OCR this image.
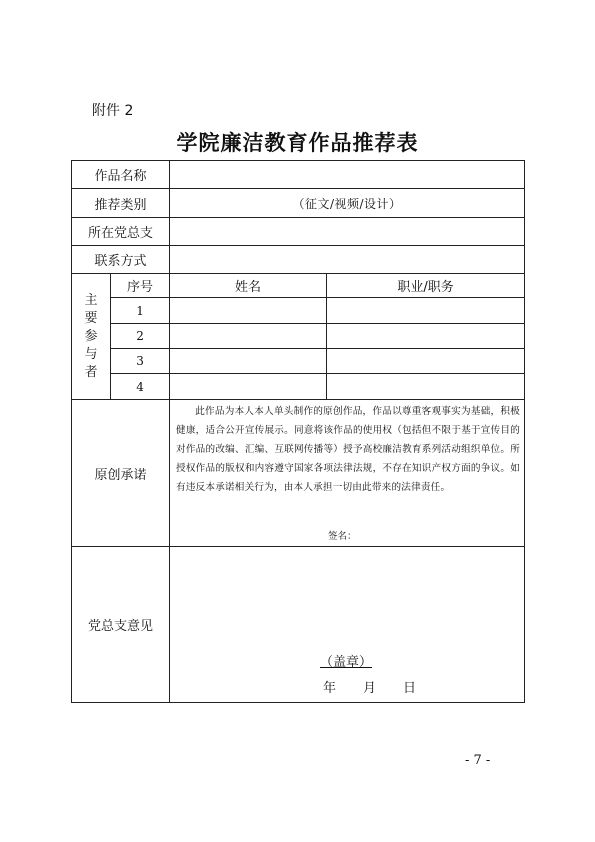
附件 2
学院廉洁教育作品推荐表
作品名称			
推荐类别		（征文/视频/设计）	
所在党总支			
联系方式			

主
要
参
与
者	序号	姓名	职业/职务
	1		
	2		
	3		
	4		
原创承诺		此作品为本人本人单头制作的原创作品，作品以尊重客观事实为基础，积极健康，适合公开宣传展示。同意将该作品的使用权（包括但不限于基于宣传目的对作品的改编、汇编、互联网传播等）授予高校廉洁教育系列活动组织单位。所授权作品的版权和内容遵守国家各项法律法规，不存在知识产权方面的争议。如有违反本承诺相关行为，由本人承担一切由此带来的法律责任。
签名：	

党总支意见		（盖章）
年 月 日	
- 7 -
